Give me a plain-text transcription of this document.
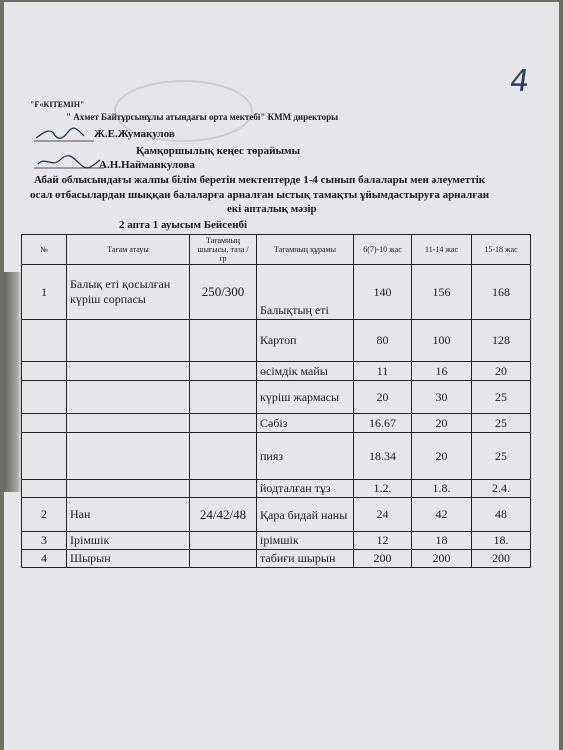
4
"Ғ«КІТЕМІН"
" Ахмет Байтұрсынұлы атындағы орта мектебі" КММ директоры
Ж.Е.Жумакулов
Қамқоршылық кеңес төрайымы
А.Н.Найманкулова
Абай облысындағы жалпы білім беретін мектептерде 1-4 сынып балалары мен әлеуметтік
осал отбасылардан шыққан балаларға арналған ыстық тамақты ұйымдастыруға арналған
екі апталық мәзір
2 апта 1 ауысым Бейсенбі
№	Тағам атауы	Тағамның шығысы, таза / гр	Тағамның құрамы	6(7)-10 жас	11-14 жас	15-18 жас
1	Балық еті қосылған күріш сорпасы	250/300	Балықтың еті	140	156	168
			Картоп	80	100	128
			өсімдік майы	11	16	20
			күріш жармасы	20	30	25
			Сәбіз	16.67	20	25
			пияз	18.34	20	25
			йодталған тұз	1.2.	1.8.	2.4.
2	Нан	24/42/48	Қара бидай наны	24	42	48
3	Ірімшік		ірімшік	12	18	18.
4	Шырын		табиғи шырын	200	200	200
